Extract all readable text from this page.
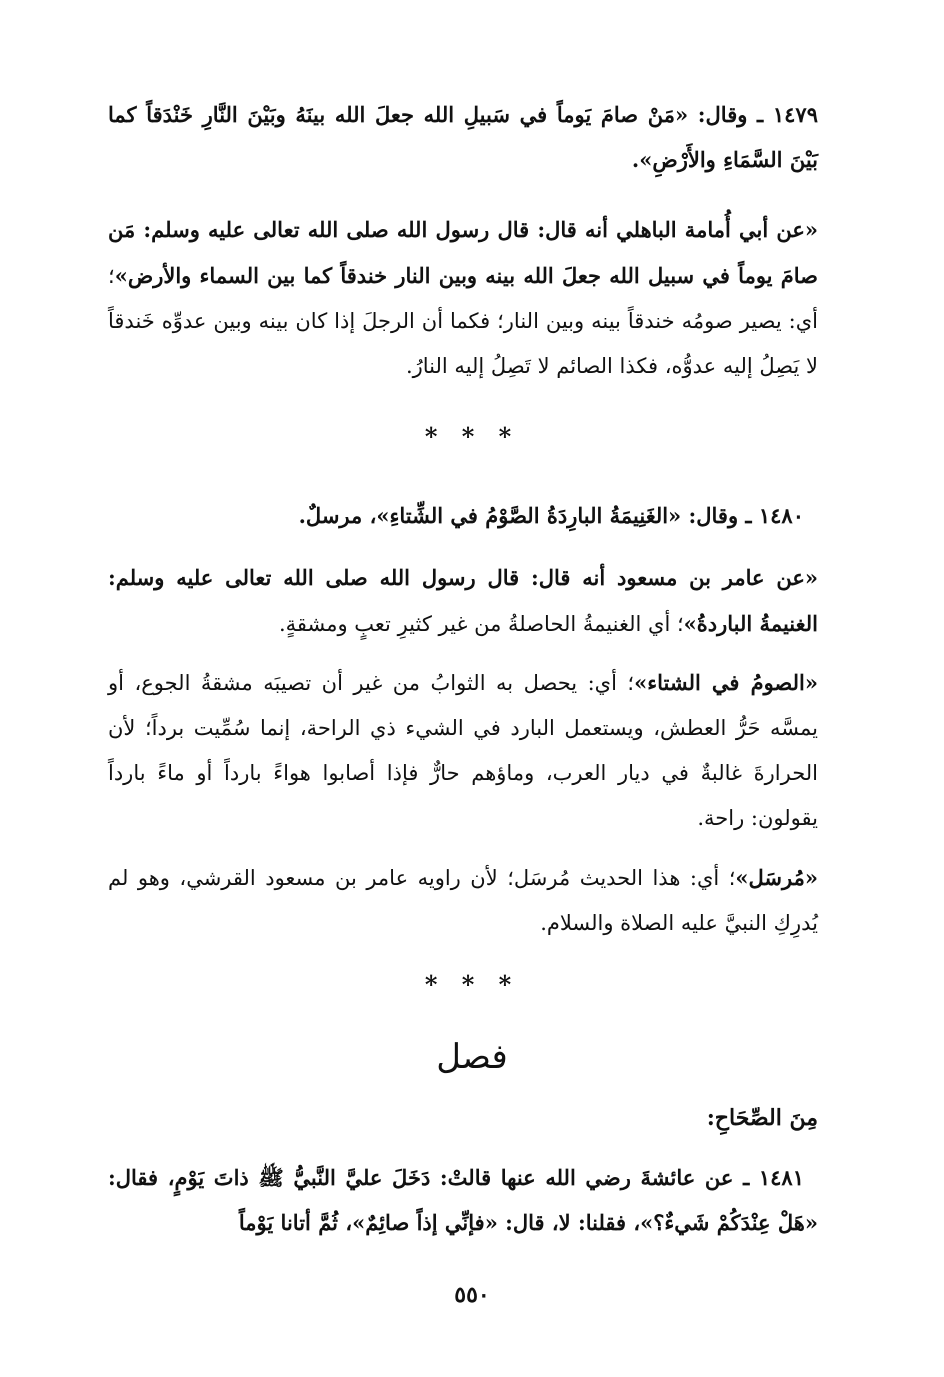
١٤٧٩ ـ وقال: «مَنْ صامَ يَوماً في سَبيلِ الله جعلَ الله بينَهُ وبَيْنَ النَّارِ خَنْدَقاً كما بَيْنَ السَّمَاءِ والأَرْضِ».
«عن أبي أُمامة الباهلي أنه قال: قال رسول الله صلى الله تعالى عليه وسلم: مَن صامَ يوماً في سبيل الله جعلَ الله بينه وبين النار خندقاً كما بين السماء والأرض»؛ أي: يصير صومُه خندقاً بينه وبين النار؛ فكما أن الرجلَ إذا كان بينه وبين عدوِّه خَندقاً لا يَصِلُ إليه عدوُّه، فكذا الصائم لا تَصِلُ إليه النارُ.
* * *
١٤٨٠ ـ وقال: «الغَنِيمَةُ البارِدَةُ الصَّوْمُ في الشِّتاءِ»، مرسلٌ.
«عن عامر بن مسعود أنه قال: قال رسول الله صلى الله تعالى عليه وسلم: الغنيمةُ الباردةُ»؛ أي الغنيمةُ الحاصلةُ من غير كثيرِ تعبٍ ومشقةٍ.
«الصومُ في الشتاء»؛ أي: يحصل به الثوابُ من غير أن تصيبَه مشقةُ الجوع، أو يمسَّه حَرُّ العطش، ويستعمل البارد في الشيء ذي الراحة، إنما سُمِّيت برداً؛ لأن الحرارةَ غالبةٌ في ديار العرب، وماؤهم حارٌّ فإذا أصابوا هواءً بارداً أو ماءً بارداً يقولون: راحة.
«مُرسَل»؛ أي: هذا الحديث مُرسَل؛ لأن راويه عامر بن مسعود القرشي، وهو لم يُدرِكِ النبيَّ عليه الصلاة والسلام.
* * *
فصل
مِنَ الصِّحَاحِ:
١٤٨١ ـ عن عائشةَ رضي الله عنها قالتْ: دَخَلَ عليَّ النَّبيُّ ﷺ ذاتَ يَوْمٍ، فقال: «هَلْ عِنْدَكُمْ شَيءٌ؟»، فقلنا: لا، قال: «فإنِّي إذاً صائِمٌ»، ثُمَّ أتانا يَوْماً
٥٥٠
